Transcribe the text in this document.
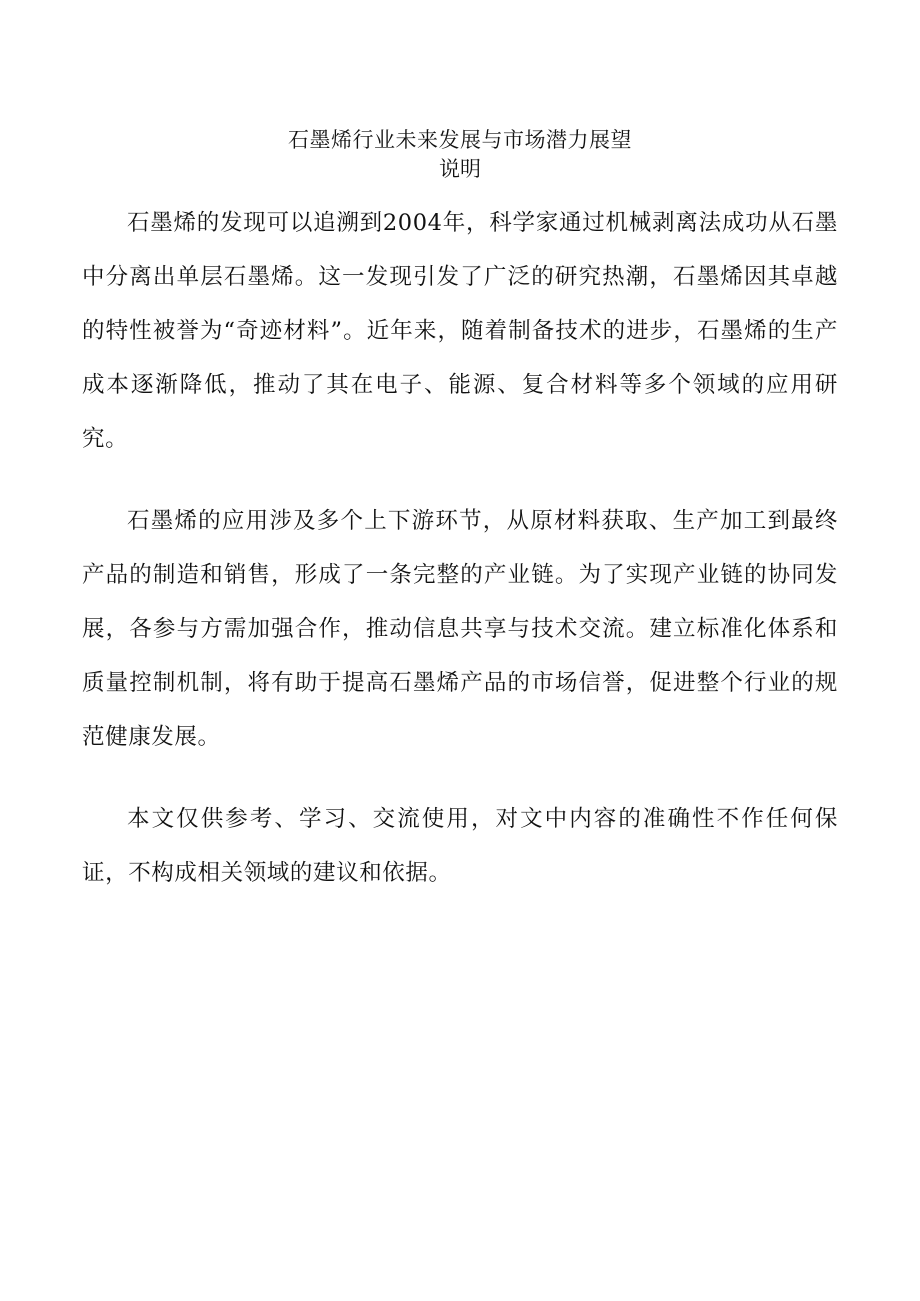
石墨烯行业未来发展与市场潜力展望
说明

石墨烯的发现可以追溯到2004年，科学家通过机械剥离法成功从石墨中分离出单层石墨烯。这一发现引发了广泛的研究热潮，石墨烯因其卓越的特性被誉为“奇迹材料”。近年来，随着制备技术的进步，石墨烯的生产成本逐渐降低，推动了其在电子、能源、复合材料等多个领域的应用研究。

石墨烯的应用涉及多个上下游环节，从原材料获取、生产加工到最终产品的制造和销售，形成了一条完整的产业链。为了实现产业链的协同发展，各参与方需加强合作，推动信息共享与技术交流。建立标准化体系和质量控制机制，将有助于提高石墨烯产品的市场信誉，促进整个行业的规范健康发展。

本文仅供参考、学习、交流使用，对文中内容的准确性不作任何保证，不构成相关领域的建议和依据。
